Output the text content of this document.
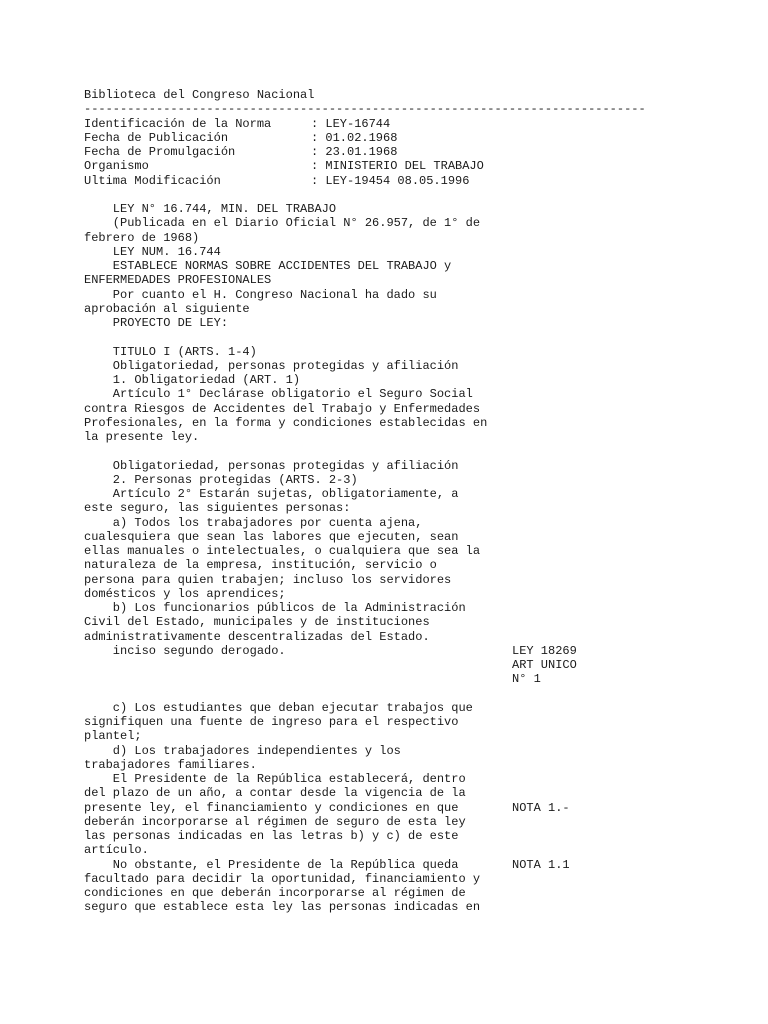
Biblioteca del Congreso Nacional
------------------------------------------------------------------------------
Identificación de la Norma	: LEY-16744
Fecha de Publicación	: 01.02.1968
Fecha de Promulgación	: 23.01.1968
Organismo	: MINISTERIO DEL TRABAJO
Ultima Modificación	: LEY-19454 08.05.1996
LEY N° 16.744, MIN. DEL TRABAJO
(Publicada en el Diario Oficial N° 26.957, de 1° de
febrero de 1968)
LEY NUM. 16.744
ESTABLECE NORMAS SOBRE ACCIDENTES DEL TRABAJO y
ENFERMEDADES PROFESIONALES
Por cuanto el H. Congreso Nacional ha dado su
aprobación al siguiente
PROYECTO DE LEY:
TITULO I (ARTS. 1-4)
Obligatoriedad, personas protegidas y afiliación
1. Obligatoriedad (ART. 1)
Artículo 1° Declárase obligatorio el Seguro Social
contra Riesgos de Accidentes del Trabajo y Enfermedades
Profesionales, en la forma y condiciones establecidas en
la presente ley.
Obligatoriedad, personas protegidas y afiliación
2. Personas protegidas (ARTS. 2-3)
Artículo 2° Estarán sujetas, obligatoriamente, a
este seguro, las siguientes personas:
a) Todos los trabajadores por cuenta ajena,
cualesquiera que sean las labores que ejecuten, sean
ellas manuales o intelectuales, o cualquiera que sea la
naturaleza de la empresa, institución, servicio o
persona para quien trabajen; incluso los servidores
domésticos y los aprendices;
b) Los funcionarios públicos de la Administración
Civil del Estado, municipales y de instituciones
administrativamente descentralizadas del Estado.
inciso segundo derogado.	LEY 18269
ART UNICO
N° 1
c) Los estudiantes que deban ejecutar trabajos que
signifiquen una fuente de ingreso para el respectivo
plantel;
d) Los trabajadores independientes y los
trabajadores familiares.
El Presidente de la República establecerá, dentro
del plazo de un año, a contar desde la vigencia de la
presente ley, el financiamiento y condiciones en que
deberán incorporarse al régimen de seguro de esta ley
las personas indicadas en las letras b) y c) de este
artículo.
NOTA 1.-
No obstante, el Presidente de la República queda
facultado para decidir la oportunidad, financiamiento y
condiciones en que deberán incorporarse al régimen de
seguro que establece esta ley las personas indicadas en
NOTA 1.1
